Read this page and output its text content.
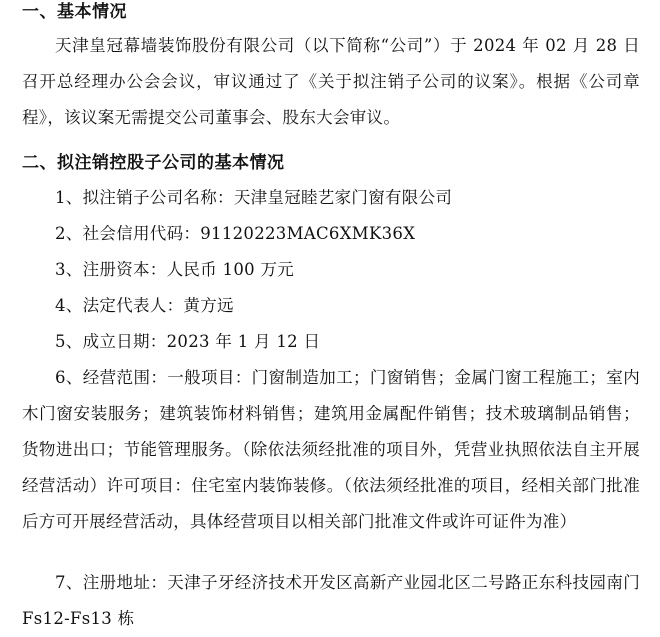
一、基本情况

天津皇冠幕墙装饰股份有限公司（以下简称“公司”）于 2024 年 02 月 28 日召开总经理办公会会议，审议通过了《关于拟注销子公司的议案》。根据《公司章程》，该议案无需提交公司董事会、股东大会审议。

二、拟注销控股子公司的基本情况

1、拟注销子公司名称：天津皇冠睦艺家门窗有限公司

2、社会信用代码：91120223MAC6XMK36X

3、注册资本：人民币 100 万元

4、法定代表人：黄方远

5、成立日期：2023 年 1 月 12 日

6、经营范围：一般项目：门窗制造加工；门窗销售；金属门窗工程施工；室内木门窗安装服务；建筑装饰材料销售；建筑用金属配件销售；技术玻璃制品销售；货物进出口；节能管理服务。（除依法须经批准的项目外，凭营业执照依法自主开展经营活动）许可项目：住宅室内装饰装修。（依法须经批准的项目，经相关部门批准后方可开展经营活动，具体经营项目以相关部门批准文件或许可证件为准）

7、注册地址：天津子牙经济技术开发区高新产业园北区二号路正东科技园南门 Fs12-Fs13 栋
